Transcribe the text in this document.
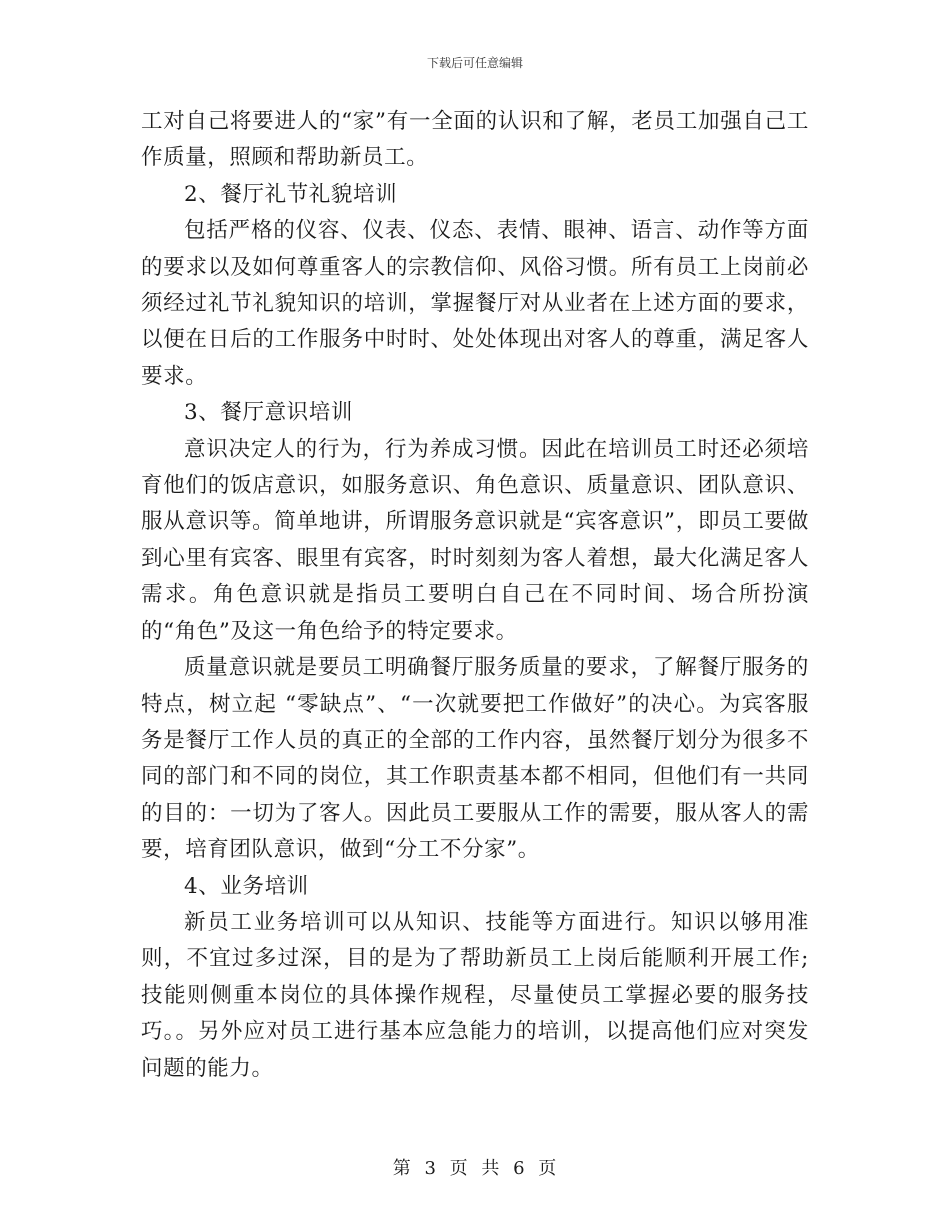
下载后可任意编辑

工对自己将要进人的“家”有一全面的认识和了解，老员工加强自己工作质量，照顾和帮助新员工。

2、餐厅礼节礼貌培训

包括严格的仪容、仪表、仪态、表情、眼神、语言、动作等方面的要求以及如何尊重客人的宗教信仰、风俗习惯。所有员工上岗前必须经过礼节礼貌知识的培训，掌握餐厅对从业者在上述方面的要求，以便在日后的工作服务中时时、处处体现出对客人的尊重，满足客人要求。

3、餐厅意识培训

意识决定人的行为，行为养成习惯。因此在培训员工时还必须培育他们的饭店意识，如服务意识、角色意识、质量意识、团队意识、服从意识等。简单地讲，所谓服务意识就是“宾客意识”，即员工要做到心里有宾客、眼里有宾客，时时刻刻为客人着想，最大化满足客人需求。角色意识就是指员工要明白自己在不同时间、场合所扮演的“角色”及这一角色给予的特定要求。

质量意识就是要员工明确餐厅服务质量的要求，了解餐厅服务的特点，树立起 “零缺点”、“一次就要把工作做好”的决心。为宾客服务是餐厅工作人员的真正的全部的工作内容，虽然餐厅划分为很多不同的部门和不同的岗位，其工作职责基本都不相同，但他们有一共同的目的：一切为了客人。因此员工要服从工作的需要，服从客人的需要，培育团队意识，做到“分工不分家”。

4、业务培训

新员工业务培训可以从知识、技能等方面进行。知识以够用准则，不宜过多过深，目的是为了帮助新员工上岗后能顺利开展工作;技能则侧重本岗位的具体操作规程，尽量使员工掌握必要的服务技巧。。另外应对员工进行基本应急能力的培训，以提高他们应对突发问题的能力。

第 3 页 共 6 页
